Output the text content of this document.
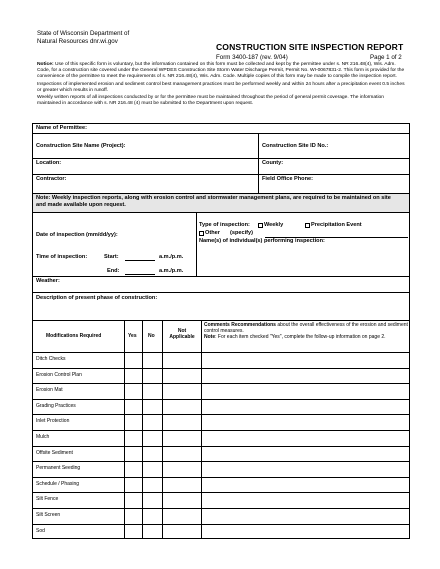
State of Wisconsin Department of
Natural Resources dnr.wi.gov
CONSTRUCTION SITE INSPECTION REPORT
Form 3400-187 (rev. 9/04)	Page 1 of 2

Notice: Use of this specific form is voluntary, but the information contained on this form must be collected and kept by the permittee under s. NR 216.48(4), Wis. Adm. Code, for a construction site covered under the General WPDES Construction Site Storm Water Discharge Permit, Permit No. WI-0067831-2. This form is provided for the convenience of the permittee to meet the requirements of s. NR 216.48(4), Wis. Adm. Code. Multiple copies of this form may be made to compile the inspection report.

Inspections of implemented erosion and sediment control best management practices must be performed weekly and within 24 hours after a precipitation event 0.5 inches or greater which results in runoff.

Weekly written reports of all inspections conducted by or for the permittee must be maintained throughout the period of general permit coverage. The information maintained in accordance with s. NR 216.48 (4) must be submitted to the Department upon request.

Name of Permittee:
Construction Site Name (Project):	Construction Site ID No.:
Location:	County:
Contractor:	Field Office Phone:
Note: Weekly inspection reports, along with erosion control and stormwater management plans, are required to be maintained on site and made available upon request.
Date of inspection (mm/dd/yy):
Type of inspection:	Weekly	Precipitation Event
Other (specify)
Name(s) of individual(s) performing inspection:
Time of inspection:	Start:	a.m./p.m.
End:	a.m./p.m.
Weather:
Description of present phase of construction:
Modifications Required	Yes No
Not Applicable
Comments Recommendations about the overall effectiveness of the erosion and sediment control measures.
Note: For each item checked "Yes", complete the follow-up information on page 2.
Ditch Checks
Erosion Control Plan
Erosion Mat
Grading Practices
Inlet Protection
Mulch
Offsite Sediment
Permanent Seeding
Schedule / Phasing
Silt Fence
Silt Screen
Sod
